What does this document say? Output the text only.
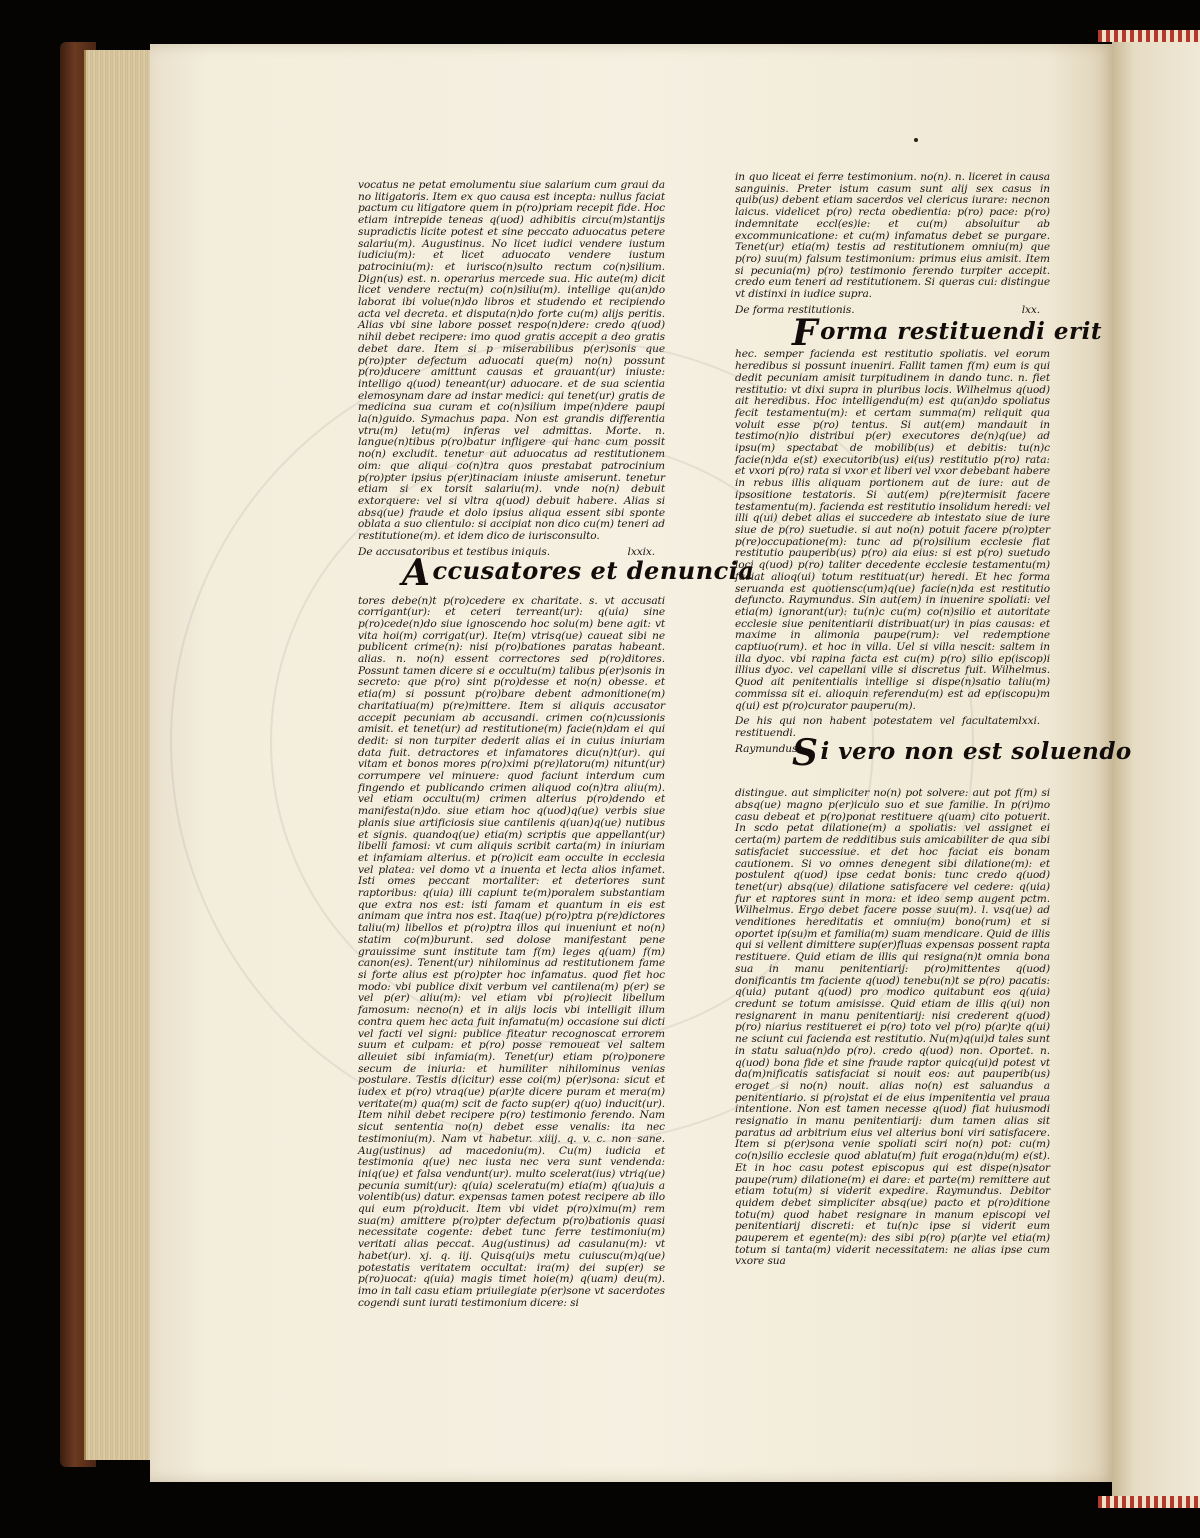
vocatus ne petat emolumentu siue salarium cum graui da no litigatoris. Item ex quo causa est incepta: nullus faciat pactum cu litigatore quem in p(ro)priam recepit fide. Hoc etiam intrepide teneas q(uod) adhibitis circu(m)stantijs supradictis licite potest et sine peccato aduocatus petere salariu(m). Augustinus. No licet iudici vendere iustum iudiciu(m): et licet aduocato vendere iustum patrociniu(m): et iurisco(n)sulto rectum co(n)silium. Dign(us) est. n. operarius mercede sua. Hic aute(m) dicit licet vendere rectu(m) co(n)siliu(m). intellige qu(an)do laborat ibi volue(n)do libros et studendo et recipiendo acta vel decreta. et disputa(n)do forte cu(m) alijs peritis. Alias vbi sine labore posset respo(n)dere: credo q(uod) nihil debet recipere: imo quod gratis accepit a deo gratis debet dare. Item si p miserabilibus p(er)sonis que p(ro)pter defectum aduocati que(m) no(n) possunt p(ro)ducere amittunt causas et grauant(ur) iniuste: intelligo q(uod) teneant(ur) aduocare. et de sua scientia elemosynam dare ad instar medici: qui tenet(ur) gratis de medicina sua curam et co(n)silium impe(n)dere paupi la(n)guido. Symachus papa. Non est grandis differentia vtru(m) letu(m) inferas vel admittas. Morte. n. langue(n)tibus p(ro)batur infligere qui hanc cum possit no(n) excludit. tenetur aut aduocatus ad restitutionem oim: que aliqui co(n)tra quos prestabat patrocinium p(ro)pter ipsius p(er)tinaciam iniuste amiserunt. tenetur etiam si ex torsit salariu(m). vnde no(n) debuit extorquere: vel si vltra q(uod) debuit habere. Alias si absq(ue) fraude et dolo ipsius aliqua essent sibi sponte oblata a suo clientulo: si accipiat non dico cu(m) teneri ad restitutione(m). et idem dico de iurisconsulto.

De accusatoribus et testibus iniquis.	lxxix.

tores debe(n)t p(ro)cedere ex charitate. s. vt accusati corrigant(ur): et ceteri terreant(ur): q(uia) sine p(ro)cede(n)do siue ignoscendo hoc solu(m) bene agit: vt vita hoi(m) corrigat(ur). Ite(m) vtrisq(ue) caueat sibi ne publicent crime(n): nisi p(ro)bationes paratas habeant. alias. n. no(n) essent correctores sed p(ro)ditores. Possunt tamen dicere si e occultu(m) talibus p(er)sonis in secreto: que p(ro) sint p(ro)desse et no(n) obesse. et etia(m) si possunt p(ro)bare debent admonitione(m) charitatiua(m) p(re)mittere. Item si aliquis accusator accepit pecuniam ab accusandi. crimen co(n)cussionis amisit. et tenet(ur) ad restitutione(m) facie(n)dam ei qui dedit: si non turpiter dederit alias ei in cuius iniuriam data fuit. detractores et infamatores dicu(n)t(ur). qui vitam et bonos mores p(ro)ximi p(re)latoru(m) nitunt(ur) corrumpere vel minuere: quod faciunt interdum cum fingendo et publicando crimen aliquod co(n)tra aliu(m). vel etiam occultu(m) crimen alterius p(ro)dendo et manifesta(n)do. siue etiam hoc q(uod)q(ue) verbis siue planis siue artificiosis siue cantilenis q(uan)q(ue) nutibus et signis. quandoq(ue) etia(m) scriptis que appellant(ur) libelli famosi: vt cum aliquis scribit carta(m) in iniuriam et infamiam alterius. et p(ro)icit eam occulte in ecclesia vel platea: vel domo vt a inuenta et lecta alios infamet. Isti omes peccant mortaliter: et deteriores sunt raptoribus: q(uia) illi capiunt te(m)poralem substantiam que extra nos est: isti famam et quantum in eis est animam que intra nos est. Itaq(ue) p(ro)ptra p(re)dictores taliu(m) libellos et p(ro)ptra illos qui inueniunt et no(n) statim co(m)burunt. sed dolose manifestant pene grauissime sunt institute tam f(m) leges q(uam) f(m) canon(es). Tenent(ur) nihilominus ad restitutionem fame si forte alius est p(ro)pter hoc infamatus. quod fiet hoc modo: vbi publice dixit verbum vel cantilena(m) p(er) se vel p(er) aliu(m): vel etiam vbi p(ro)iecit libellum famosum: necno(n) et in alijs locis vbi intelligit illum contra quem hec acta fuit infamatu(m) occasione sui dicti vel facti vel signi: publice fiteatur recognoscat errorem suum et culpam: et p(ro) posse remoueat vel saltem alleuiet sibi infamia(m). Tenet(ur) etiam p(ro)ponere secum de iniuria: et humiliter nihilominus venias postulare. Testis d(icitur) esse coi(m) p(er)sona: sicut et iudex et p(ro) vtraq(ue) p(ar)te dicere puram et mera(m) veritate(m) qua(m) scit de facto sup(er) q(uo) inducit(ur). Item nihil debet recipere p(ro) testimonio ferendo. Nam sicut sententia no(n) debet esse venalis: ita nec testimoniu(m). Nam vt habetur. xiiij. q. v. c. non sane. Aug(ustinus) ad macedoniu(m). Cu(m) iudicia et testimonia q(ue) nec iusta nec vera sunt vendenda: iniq(ue) et falsa vendunt(ur). multo scelerat(ius) vtriq(ue) pecunia sumit(ur): q(uia) sceleratu(m) etia(m) q(ua)uis a volentib(us) datur. expensas tamen potest recipere ab illo qui eum p(ro)ducit. Item vbi videt p(ro)ximu(m) rem sua(m) amittere p(ro)pter defectum p(ro)bationis quasi necessitate cogente: debet tunc ferre testimoniu(m) veritati alias peccat. Aug(ustinus) ad casulanu(m): vt habet(ur). xj. q. iij. Quisq(ui)s metu cuiuscu(m)q(ue) potestatis veritatem occultat: ira(m) dei sup(er) se p(ro)uocat: q(uia) magis timet hoie(m) q(uam) deu(m). imo in tali casu etiam priuilegiate p(er)sone vt sacerdotes cogendi sunt iurati testimonium dicere: si

Accusatores et denuncia

in quo liceat ei ferre testimonium. no(n). n. liceret in causa sanguinis. Preter istum casum sunt alij sex casus in quib(us) debent etiam sacerdos vel clericus iurare: necnon laicus. videlicet p(ro) recta obedientia: p(ro) pace: p(ro) indemnitate eccl(es)ie: et cu(m) absoluitur ab excommunicatione: et cu(m) infamatus debet se purgare. Tenet(ur) etia(m) testis ad restitutionem omniu(m) que p(ro) suu(m) falsum testimonium: primus eius amisit. Item si pecunia(m) p(ro) testimonio ferendo turpiter accepit. credo eum teneri ad restitutionem. Si queras cui: distingue vt distinxi in iudice supra.

De forma restitutionis.	lxx.

hec. semper facienda est restitutio spoliatis. vel eorum heredibus si possunt inueniri. Fallit tamen f(m) eum is qui dedit pecuniam amisit turpitudinem in dando tunc. n. fiet restitutio: vt dixi supra in pluribus locis. Wilhelmus q(uod) ait heredibus. Hoc intelligendu(m) est qu(an)do spoliatus fecit testamentu(m): et certam summa(m) reliquit qua voluit esse p(ro) tentus. Si aut(em) mandauit in testimo(n)io distribui p(er) executores de(n)q(ue) ad ipsu(m) spectabat de mobilib(us) et debitis: tu(n)c facie(n)da e(st) executorib(us) ei(us) restitutio p(ro) rata: et vxori p(ro) rata si vxor et liberi vel vxor debebant habere in rebus illis aliquam portionem aut de iure: aut de ipsositione testatoris. Si aut(em) p(re)termisit facere testamentu(m). facienda est restitutio insolidum heredi: vel illi q(ui) debet alias ei succedere ab intestato siue de iure siue de p(ro) suetudie. si aut no(n) potuit facere p(ro)pter p(re)occupatione(m): tunc ad p(ro)silium ecclesie fiat restitutio pauperib(us) p(ro) aia eius: si est p(ro) suetudo loci q(uod) p(ro) taliter decedente ecclesie testamentu(m) faciat alioq(ui) totum restituat(ur) heredi. Et hec forma seruanda est quotiensc(um)q(ue) facie(n)da est restitutio defuncto. Raymundus. Sin aut(em) in inuenire spoliati: vel etia(m) ignorant(ur): tu(n)c cu(m) co(n)silio et autoritate ecclesie siue penitentiarii distribuat(ur) in pias causas: et maxime in alimonia paupe(rum): vel redemptione captiuo(rum). et hoc in villa. Uel si villa nescit: saltem in illa dyoc. vbi rapina facta est cu(m) p(ro) silio ep(iscop)i illius dyoc. vel capellani ville si discretus fuit. Wilhelmus. Quod ait penitentialis intellige si dispe(n)satio taliu(m) commissa sit ei. alioquin referendu(m) est ad ep(iscopu)m q(ui) est p(ro)curator pauperu(m).

De his qui non habent potestatem vel facultatem restituendi.
lxxi.
Raymundus.

distingue. aut simpliciter no(n) pot solvere: aut pot f(m) si absq(ue) magno p(er)iculo suo et sue familie. In p(ri)mo casu debeat et p(ro)ponat restituere q(uam) cito potuerit. In scdo petat dilatione(m) a spoliatis: vel assignet ei certa(m) partem de redditibus suis amicabiliter de qua sibi satisfaciet successiue. et det hoc faciat eis bonam cautionem. Si vo omnes denegent sibi dilatione(m): et postulent q(uod) ipse cedat bonis: tunc credo q(uod) tenet(ur) absq(ue) dilatione satisfacere vel cedere: q(uia) fur et raptores sunt in mora: et ideo semp augent pctm. Wilhelmus. Ergo debet facere posse suu(m). l. vsq(ue) ad venditiones hereditatis et omniu(m) bono(rum) et si oportet ip(su)m et familia(m) suam mendicare. Quid de illis qui si vellent dimittere sup(er)fluas expensas possent rapta restituere. Quid etiam de illis qui resigna(n)t omnia bona sua in manu penitentiarij: p(ro)mittentes q(uod) donificantis tm faciente q(uod) tenebu(n)t se p(ro) pacatis: q(uia) putant q(uod) pro modico quitabunt eos q(uia) credunt se totum amisisse. Quid etiam de illis q(ui) non resignarent in manu penitentiarij: nisi crederent q(uod) p(ro) niarius restitueret ei p(ro) toto vel p(ro) p(ar)te q(ui) ne sciunt cui facienda est restitutio. Nu(m)q(ui)d tales sunt in statu salua(n)do p(ro). credo q(uod) non. Oportet. n. q(uod) bona fide et sine fraude raptor quicq(ui)d potest vt da(m)nificatis satisfaciat si nouit eos: aut pauperib(us) eroget si no(n) nouit. alias no(n) est saluandus a penitentiario. si p(ro)stat ei de eius impenitentia vel praua intentione. Non est tamen necesse q(uod) fiat huiusmodi resignatio in manu penitentiarij: dum tamen alias sit paratus ad arbitrium eius vel alterius boni viri satisfacere. Item si p(er)sona venie spoliati sciri no(n) pot: cu(m) co(n)silio ecclesie quod ablatu(m) fuit eroga(n)du(m) e(st). Et in hoc casu potest episcopus qui est dispe(n)sator paupe(rum) dilatione(m) ei dare: et parte(m) remittere aut etiam totu(m) si viderit expedire. Raymundus. Debitor quidem debet simpliciter absq(ue) pacto et p(ro)ditione totu(m) quod habet resignare in manum episcopi vel penitentiarij discreti: et tu(n)c ipse si viderit eum pauperem et egente(m): des sibi p(ro) p(ar)te vel etia(m) totum si tanta(m) viderit necessitatem: ne alias ipse cum vxore sua

Forma restituendi erit
Si vero non est soluendo
